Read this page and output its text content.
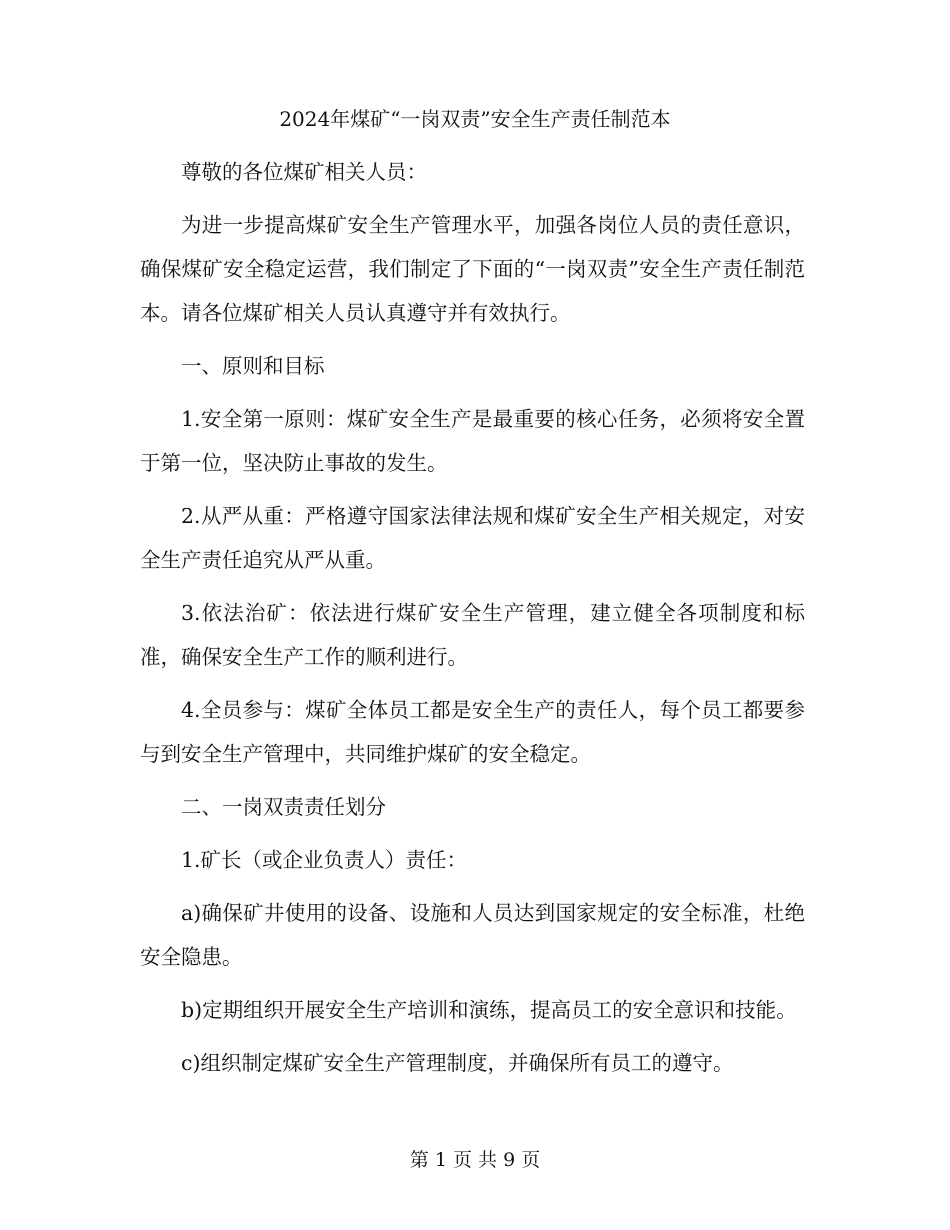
2024年煤矿“一岗双责”安全生产责任制范本

尊敬的各位煤矿相关人员：

为进一步提高煤矿安全生产管理水平，加强各岗位人员的责任意识，确保煤矿安全稳定运营，我们制定了下面的“一岗双责”安全生产责任制范本。请各位煤矿相关人员认真遵守并有效执行。

一、原则和目标

1.安全第一原则：煤矿安全生产是最重要的核心任务，必须将安全置于第一位，坚决防止事故的发生。

2.从严从重：严格遵守国家法律法规和煤矿安全生产相关规定，对安全生产责任追究从严从重。

3.依法治矿：依法进行煤矿安全生产管理，建立健全各项制度和标准，确保安全生产工作的顺利进行。

4.全员参与：煤矿全体员工都是安全生产的责任人，每个员工都要参与到安全生产管理中，共同维护煤矿的安全稳定。

二、一岗双责责任划分

1.矿长（或企业负责人）责任：

a)确保矿井使用的设备、设施和人员达到国家规定的安全标准，杜绝安全隐患。

b)定期组织开展安全生产培训和演练，提高员工的安全意识和技能。

c)组织制定煤矿安全生产管理制度，并确保所有员工的遵守。

第 1 页 共 9 页
